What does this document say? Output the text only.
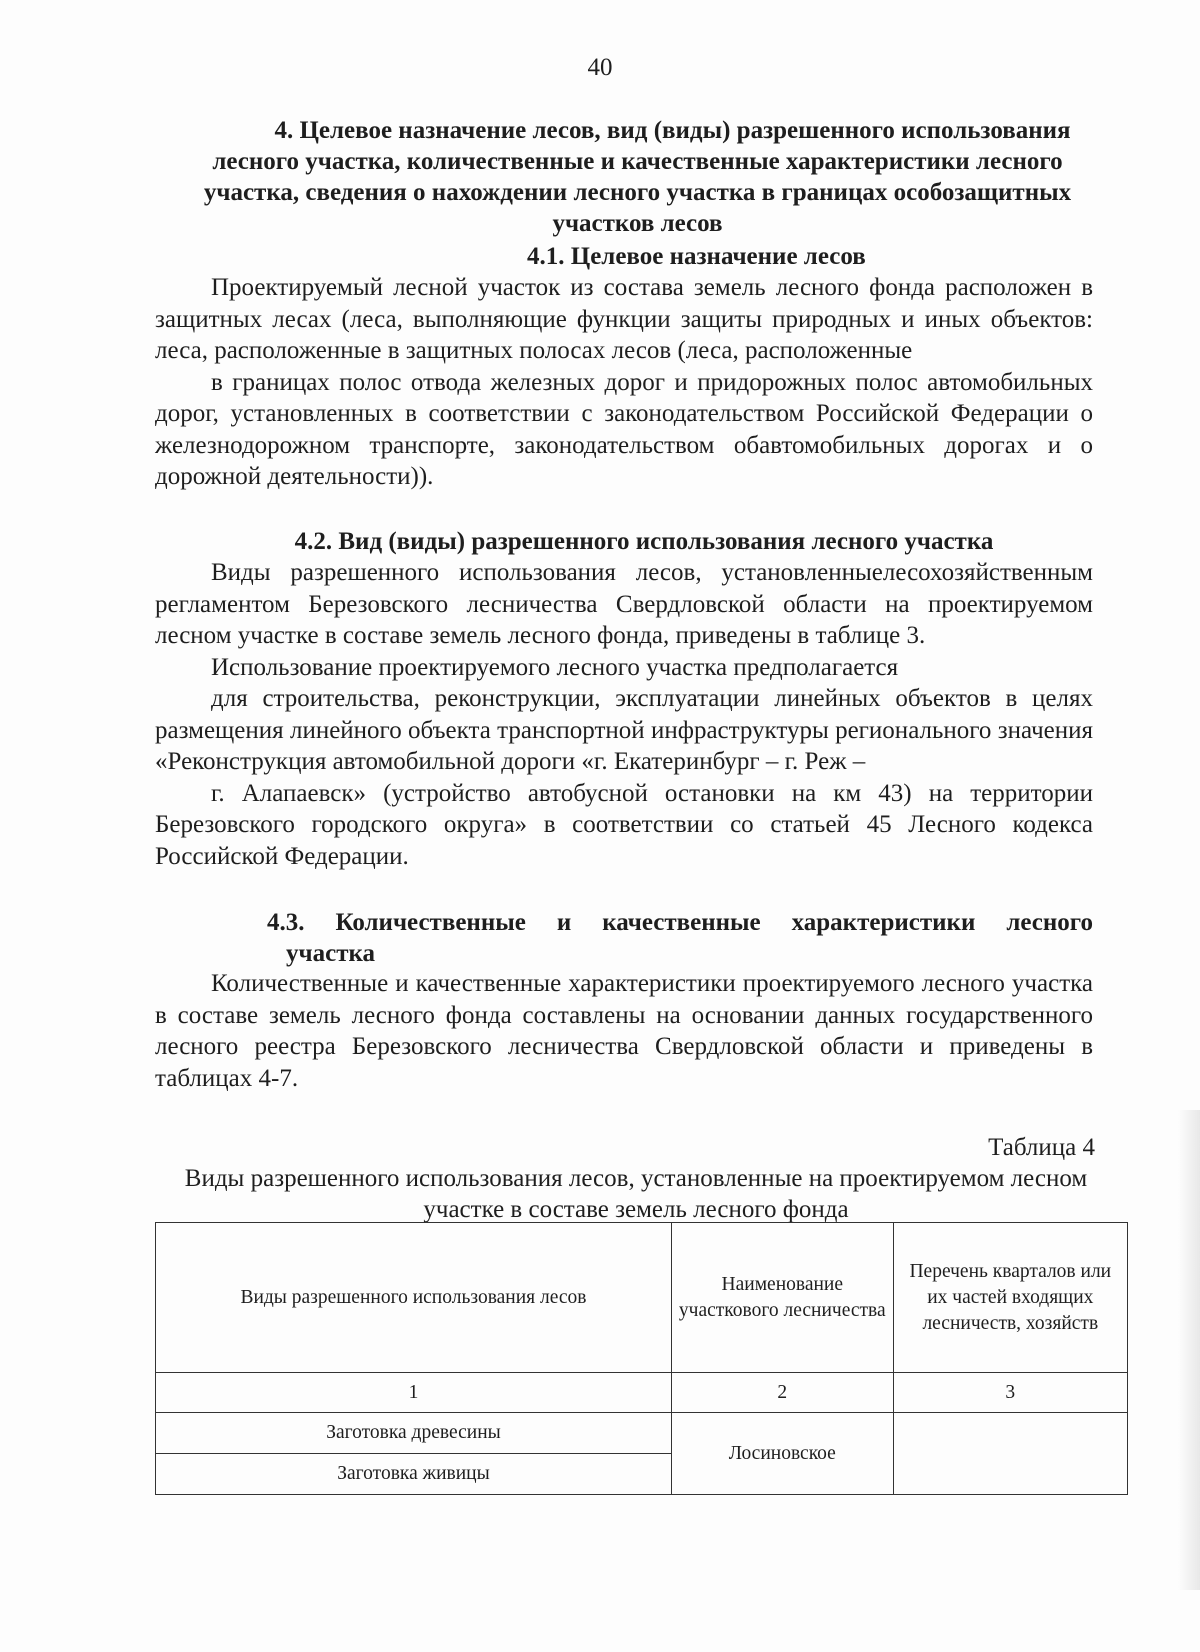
40
4. Целевое назначение лесов, вид (виды) разрешенного использования
лесного участка, количественные и качественные характеристики лесного
участка, сведения о нахождении лесного участка в границах особозащитных
участков лесов
4.1. Целевое назначение лесов
Проектируемый лесной участок из состава земель лесного фонда расположен в защитных лесах (леса, выполняющие функции защиты природных и иных объектов: леса, расположенные в защитных полосах лесов (леса, расположенные
в границах полос отвода железных дорог и придорожных полос автомобильных дорог, установленных в соответствии с законодательством Российской Федерации о железнодорожном транспорте, законодательством обавтомобильных дорогах и о дорожной деятельности)).
4.2. Вид (виды) разрешенного использования лесного участка
Виды разрешенного использования лесов, установленныелесохозяйственным регламентом Березовского лесничества Свердловской области на проектируемом лесном участке в составе земель лесного фонда, приведены в таблице 3.
Использование проектируемого лесного участка предполагается
для строительства, реконструкции, эксплуатации линейных объектов в целях размещения линейного объекта транспортной инфраструктуры регионального значения «Реконструкция автомобильной дороги «г. Екатеринбург – г. Реж –
г. Алапаевск» (устройство автобусной остановки на км 43) на территории Березовского городского округа» в соответствии со статьей 45 Лесного кодекса Российской Федерации.
4.3. Количественные и качественные характеристики лесного
участка
Количественные и качественные характеристики проектируемого лесного участка в составе земель лесного фонда составлены на основании данных государственного лесного реестра Березовского лесничества Свердловской области и приведены в таблицах 4-7.
Таблица 4
Виды разрешенного использования лесов, установленные на проектируемом лесном участке в составе земель лесного фонда
Виды разрешенного использования лесов	Наименование участкового лесничества	Перечень кварталов или их частей входящих лесничеств, хозяйств
1	2	3
Заготовка древесины	Лосиновское	
Заготовка живицы		
